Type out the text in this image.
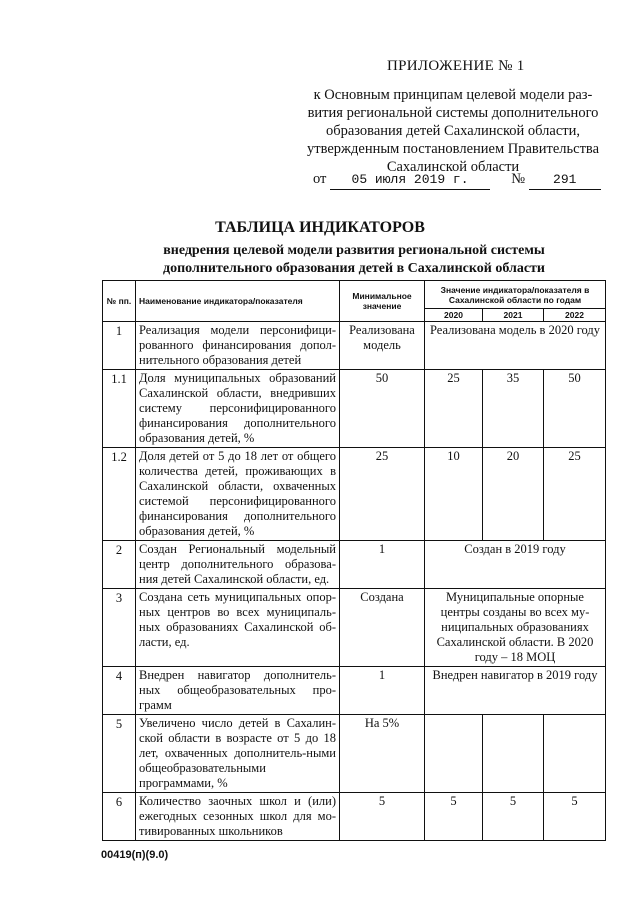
ПРИЛОЖЕНИЕ № 1
к Основным принципам целевой модели раз-
вития региональной системы дополнительного
образования детей Сахалинской области,
утвержденным постановлением Правительства
Сахалинской области
от 05 июля 2019 г.	№ 291
ТАБЛИЦА ИНДИКАТОРОВ
внедрения целевой модели развития региональной системы
дополнительного образования детей в Сахалинской области
№ пп.	Наименование индикатора/показателя	Минимальное значение	Значение индикатора/показателя в Сахалинской области по годам		
			2020	2021	2022
1	Реализация модели персонифици-рованного финансирования допол-нительного образования детей	Реализована модель	Реализована модель в 2020 году		
1.1	Доля муниципальных образований Сахалинской области, внедривших систему персонифицированного финансирования дополнительного образования детей, %	50	25	35	50
1.2	Доля детей от 5 до 18 лет от общего количества детей, проживающих в Сахалинской области, охваченных системой персонифицированного финансирования дополнительного образования детей, %	25	10	20	25
2	Создан Региональный модельный центр дополнительного образова-ния детей Сахалинской области, ед.	1	Создан в 2019 году		
3	Создана сеть муниципальных опор-ных центров во всех муниципаль-ных образованиях Сахалинской об-ласти, ед.	Создана	Муниципальные опорные центры созданы во всех му-ниципальных образованиях Сахалинской области. В 2020 году – 18 МОЦ		
4	Внедрен навигатор дополнитель-ных общеобразовательных про-грамм	1	Внедрен навигатор в 2019 году		
5	Увеличено число детей в Сахалин-ской области в возрасте от 5 до 18 лет, охваченных дополнитель-ными общеобразовательными программами, %	На 5%			
6	Количество заочных школ и (или) ежегодных сезонных школ для мо-тивированных школьников	5	5	5	5
00419(п)(9.0)
